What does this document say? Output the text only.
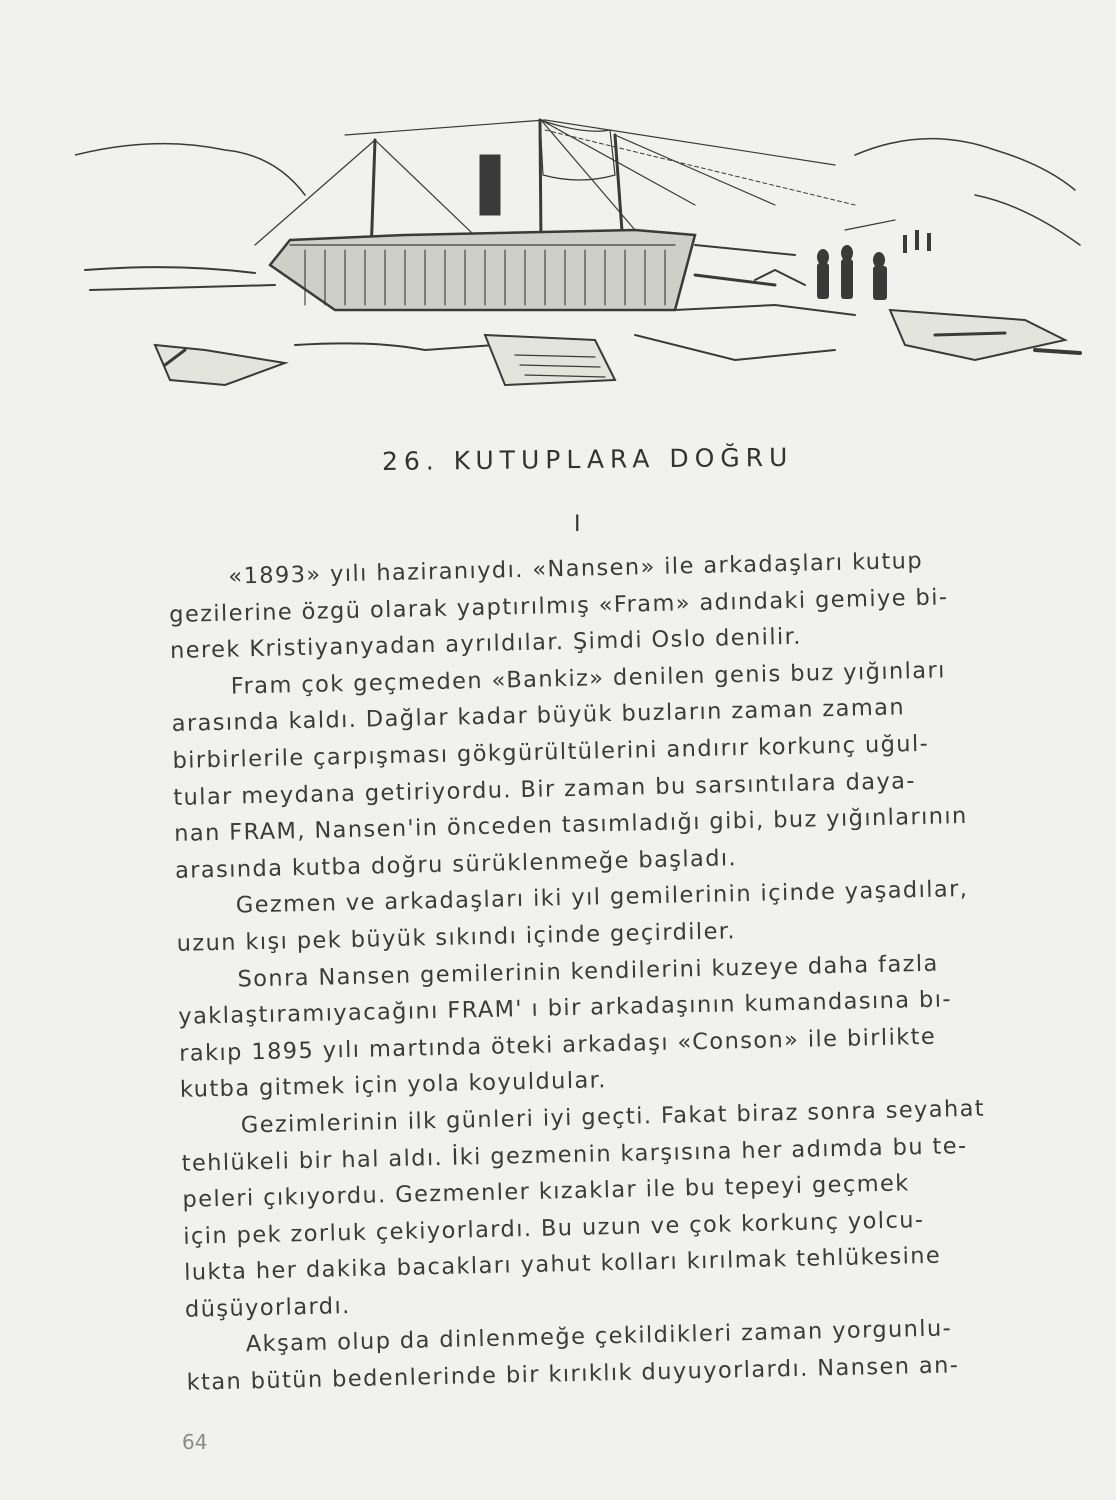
26. KUTUPLARA DOĞRU
I
«1893» yılı haziranıydı. «Nansen» ile arkadaşları kutup
gezilerine özgü olarak yaptırılmış «Fram» adındaki gemiye bi-
nerek Kristiyanyadan ayrıldılar. Şimdi Oslo denilir.
Fram çok geçmeden «Bankiz» denilen genis buz yığınları
arasında kaldı. Dağlar kadar büyük buzların zaman zaman
birbirlerile çarpışması gökgürültülerini andırır korkunç uğul-
tular meydana getiriyordu. Bir zaman bu sarsıntılara daya-
nan FRAM, Nansen'in önceden tasımladığı gibi, buz yığınlarının
arasında kutba doğru sürüklenmeğe başladı.
Gezmen ve arkadaşları iki yıl gemilerinin içinde yaşadılar,
uzun kışı pek büyük sıkındı içinde geçirdiler.
Sonra Nansen gemilerinin kendilerini kuzeye daha fazla
yaklaştıramıyacağını FRAM' ı bir arkadaşının kumandasına bı-
rakıp 1895 yılı martında öteki arkadaşı «Conson» ile birlikte
kutba gitmek için yola koyuldular.
Gezimlerinin ilk günleri iyi geçti. Fakat biraz sonra seyahat
tehlükeli bir hal aldı. İki gezmenin karşısına her adımda bu te-
peleri çıkıyordu. Gezmenler kızaklar ile bu tepeyi geçmek
için pek zorluk çekiyorlardı. Bu uzun ve çok korkunç yolcu-
lukta her dakika bacakları yahut kolları kırılmak tehlükesine
düşüyorlardı.
Akşam olup da dinlenmeğe çekildikleri zaman yorgunlu-
ktan bütün bedenlerinde bir kırıklık duyuyorlardı. Nansen an-
64
